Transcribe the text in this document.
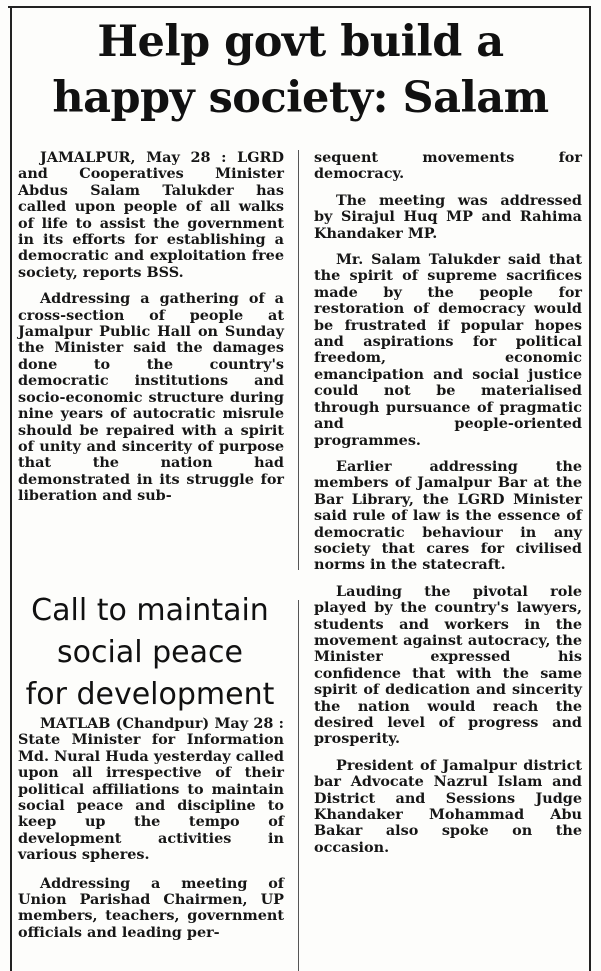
Help govt build a
happy society: Salam

JAMALPUR, May 28 : LGRD and Cooperatives Minister Abdus Salam Talukder has called upon people of all walks of life to assist the government in its efforts for establishing a democratic and exploitation free society, reports BSS.

Addressing a gathering of a cross-section of people at Jamalpur Public Hall on Sunday the Minister said the damages done to the country's democratic institutions and socio-economic structure during nine years of autocratic misrule should be repaired with a spirit of unity and sincerity of purpose that the nation had demonstrated in its struggle for liberation and sub-

sequent movements for democracy.

The meeting was addressed by Sirajul Huq MP and Rahima Khandaker MP.

Mr. Salam Talukder said that the spirit of supreme sacrifices made by the people for restoration of democracy would be frustrated if popular hopes and aspirations for political freedom, economic emancipation and social justice could not be materialised through pursuance of pragmatic and people-oriented programmes.

Earlier addressing the members of Jamalpur Bar at the Bar Library, the LGRD Minister said rule of law is the essence of democratic behaviour in any society that cares for civilised norms in the statecraft.

Lauding the pivotal role played by the country's lawyers, students and workers in the movement against autocracy, the Minister expressed his confidence that with the same spirit of dedication and sincerity the nation would reach the desired level of progress and prosperity.

President of Jamalpur district bar Advocate Nazrul Islam and District and Sessions Judge Khandaker Mohammad Abu Bakar also spoke on the occasion.

Call to maintain
social peace
for development

MATLAB (Chandpur) May 28 : State Minister for Information Md. Nural Huda yesterday called upon all irrespective of their political affiliations to maintain social peace and discipline to keep up the tempo of development activities in various spheres.

Addressing a meeting of Union Parishad Chairmen, UP members, teachers, government officials and leading per-
